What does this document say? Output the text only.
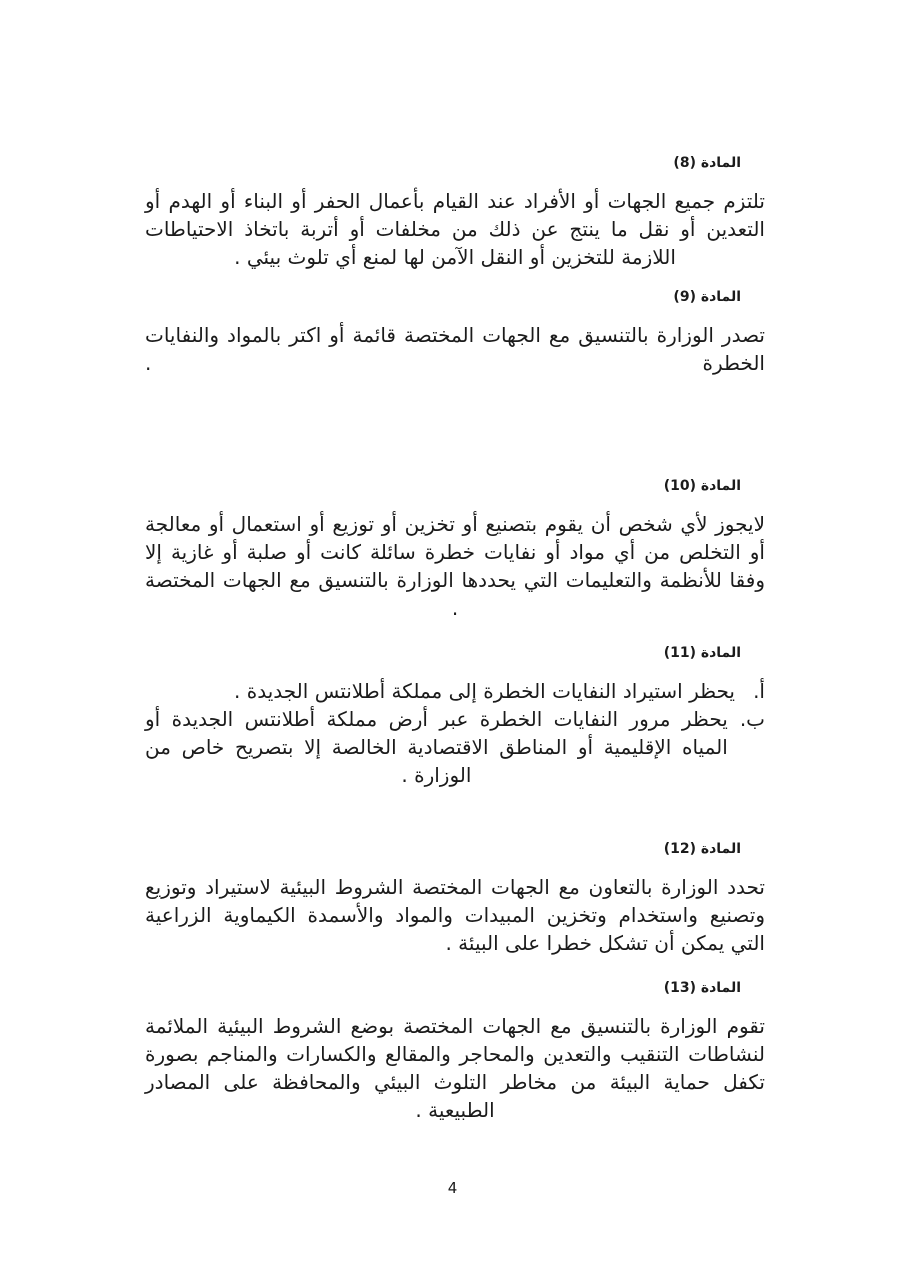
المادة (8)

تلتزم جميع الجهات أو الأفراد عند القيام بأعمال الحفر أو البناء أو الهدم أو التعدين أو نقل ما ينتج عن ذلك من مخلفات أو أتربة باتخاذ الاحتياطات اللازمة للتخزين أو النقل الآمن لها لمنع أي تلوث بيئي .

المادة (9)

تصدر الوزارة بالتنسيق مع الجهات المختصة قائمة أو اكتر بالمواد والنفايات الخطرة .

المادة (10)

لايجوز لأي شخص أن يقوم بتصنيع أو تخزين أو توزيع أو استعمال أو معالجة أو التخلص من أي مواد أو نفايات خطرة سائلة كانت أو صلبة أو غازية إلا وفقا للأنظمة والتعليمات التي يحددها الوزارة بالتنسيق مع الجهات المختصة .

المادة (11)
أ.
يحظر استيراد النفايات الخطرة إلى مملكة أطلانتس الجديدة .
ب.
يحظر مرور النفايات الخطرة عبر أرض مملكة أطلانتس الجديدة أو المياه الإقليمية أو المناطق الاقتصادية الخالصة إلا بتصريح خاص من الوزارة .
المادة (12)

تحدد الوزارة بالتعاون مع الجهات المختصة الشروط البيئية لاستيراد وتوزيع وتصنيع واستخدام وتخزين المبيدات والمواد والأسمدة الكيماوية الزراعية التي يمكن أن تشكل خطرا على البيئة .

المادة (13)

تقوم الوزارة بالتنسيق مع الجهات المختصة بوضع الشروط البيئية الملائمة لنشاطات التنقيب والتعدين والمحاجر والمقالع والكسارات والمناجم بصورة تكفل حماية البيئة من مخاطر التلوث البيئي والمحافظة على المصادر الطبيعية .

4
